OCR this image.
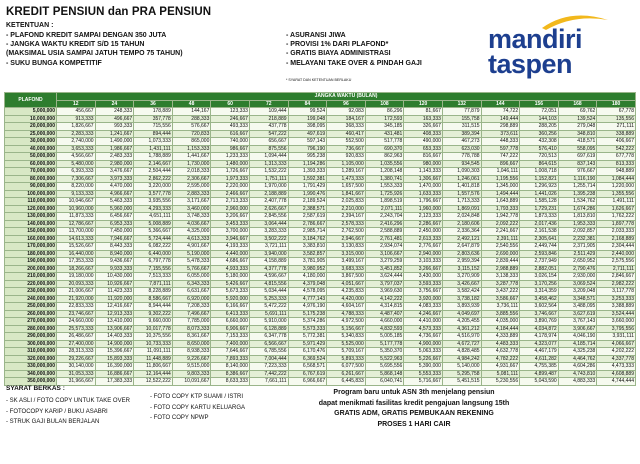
KREDIT PENSIUN dan PRA PENSIUN
KETENTUAN :
- PLAFOND KREDIT SAMPAI DENGAN 350 JUTA
- JANGKA WAKTU KREDIT S/D 15 TAHUN
(MAKSIMAL USIA SAMPAI JATUH TEMPO 75 TAHUN)
- SUKU BUNGA KOMPETITIF
- ASURANSI JIWA
- PROVISI 1% DARI PLAFOND*
- GRATIS BIAYA ADMINISTRASI
- MELAYANI TAKE OVER & PINDAH GAJI
* SYARAT DAN KETENTUAN BERLAKU
mandiri
taspen
PLAFOND	JANGKA WAKTU (BULAN)														
	12	24	36	48	60	72	84	96	108	120	132	144	156	168	180
5,000,000	456,667	248,333	178,889	144,167	123,333	109,444	99,524	92,083	86,296	81,667	77,879	74,722	72,051	69,762	67,778
10,000,000	913,333	496,667	357,778	288,333	246,667	218,889	199,048	184,167	172,593	163,333	155,758	149,444	144,103	139,524	135,556
20,000,000	1,826,667	993,333	715,556	576,667	493,333	437,778	398,095	368,333	345,185	326,667	311,515	298,889	288,205	279,048	271,111
25,000,000	2,283,333	1,241,667	894,444	720,833	616,667	547,222	497,619	460,417	431,481	408,333	389,394	373,611	360,256	348,810	338,889
30,000,000	2,740,000	1,490,000	1,073,333	865,000	740,000	656,667	597,143	552,500	517,778	490,000	467,273	448,333	432,308	418,571	406,667
40,000,000	3,653,333	1,986,667	1,431,111	1,153,333	986,667	875,556	796,190	736,667	690,370	653,333	623,030	597,778	576,410	558,095	542,222
50,000,000	4,566,667	2,483,333	1,788,889	1,441,667	1,233,333	1,094,444	995,238	920,833	862,963	816,667	778,788	747,222	720,513	697,619	677,778
60,000,000	5,480,000	2,980,000	2,146,667	1,730,000	1,480,000	1,313,333	1,194,286	1,105,000	1,035,556	980,000	934,545	896,667	864,615	837,143	813,333
70,000,000	6,393,333	3,476,667	2,504,444	2,018,333	1,726,667	1,532,222	1,393,333	1,289,167	1,208,148	1,143,333	1,090,303	1,046,111	1,008,718	976,667	948,889
80,000,000	7,306,667	3,973,333	2,862,222	2,306,667	1,973,333	1,751,111	1,592,381	1,473,333	1,380,741	1,306,667	1,246,061	1,195,556	1,152,821	1,116,190	1,084,444
90,000,000	8,220,000	4,470,000	3,220,000	2,595,000	2,220,000	1,970,000	1,791,429	1,657,500	1,553,333	1,470,000	1,401,818	1,345,000	1,296,923	1,255,714	1,220,000
100,000,000	9,133,333	4,966,667	3,577,778	2,883,333	2,466,667	2,188,889	1,990,476	1,841,667	1,725,926	1,633,333	1,557,576	1,494,444	1,441,026	1,395,238	1,355,556
110,000,000	10,046,667	5,463,333	3,935,556	3,171,667	2,713,333	2,407,778	2,189,524	2,025,833	1,898,519	1,796,667	1,713,333	1,643,889	1,585,128	1,534,762	1,491,111
120,000,000	10,960,000	5,960,000	4,293,333	3,460,000	2,960,000	2,626,667	2,388,571	2,210,000	2,071,111	1,960,000	1,869,091	1,793,333	1,729,231	1,674,286	1,626,667
130,000,000	11,873,333	6,456,667	4,651,111	3,748,333	3,206,667	2,845,556	2,587,619	2,394,167	2,243,704	2,123,333	2,024,848	1,942,778	1,873,333	1,813,810	1,762,222
140,000,000	12,786,667	6,953,333	5,008,889	4,036,667	3,453,333	3,064,444	2,786,667	2,578,333	2,416,296	2,286,667	2,180,606	2,092,222	2,017,436	1,953,333	1,897,778
150,000,000	13,700,000	7,450,000	5,366,667	4,325,000	3,700,000	3,283,333	2,985,714	2,762,500	2,588,889	2,450,000	2,336,364	2,241,667	2,161,538	2,092,857	2,033,333
160,000,000	14,613,333	7,946,667	5,724,444	4,613,333	3,946,667	3,502,222	3,184,762	2,946,667	2,761,481	2,613,333	2,492,121	2,391,111	2,305,641	2,232,381	2,168,889
170,000,000	15,526,667	8,443,333	6,082,222	4,901,667	4,193,333	3,721,111	3,383,810	3,130,833	2,934,074	2,776,667	2,647,879	2,540,556	2,449,744	2,371,905	2,304,444
180,000,000	16,440,000	8,940,000	6,440,000	5,190,000	4,440,000	3,940,000	3,582,857	3,315,000	3,106,667	2,940,000	2,803,636	2,690,000	2,593,846	2,511,429	2,440,000
190,000,000	17,353,333	9,436,667	6,797,778	5,478,333	4,686,667	4,158,889	3,781,905	3,499,167	3,279,259	3,103,333	2,959,394	2,839,444	2,737,949	2,650,952	2,575,556
200,000,000	18,266,667	9,933,333	7,155,556	5,766,667	4,933,333	4,377,778	3,980,952	3,683,333	3,451,852	3,266,667	3,115,152	2,988,889	2,882,051	2,790,476	2,711,111
210,000,000	19,180,000	10,430,000	7,513,333	6,055,000	5,180,000	4,596,667	4,180,000	3,867,500	3,624,444	3,430,000	3,270,909	3,138,333	3,026,154	2,930,000	2,846,667
220,000,000	20,093,333	10,926,667	7,871,111	6,343,333	5,426,667	4,815,556	4,379,048	4,051,667	3,797,037	3,593,333	3,426,667	3,287,778	3,170,256	3,069,524	2,982,222
230,000,000	21,006,667	11,423,333	8,228,889	6,631,667	5,673,333	5,034,444	4,578,095	4,235,833	3,969,630	3,756,667	3,582,424	3,437,222	3,314,359	3,209,048	3,117,778
240,000,000	21,920,000	11,920,000	8,586,667	6,920,000	5,920,000	5,253,333	4,777,143	4,420,000	4,142,222	3,920,000	3,738,182	3,586,667	3,458,462	3,348,571	3,253,333
250,000,000	22,833,333	12,416,667	8,944,444	7,208,333	6,166,667	5,472,222	4,976,190	4,604,167	4,314,815	4,083,333	3,893,939	3,736,111	3,602,564	3,488,095	3,388,889
260,000,000	23,746,667	12,913,333	9,302,222	7,496,667	6,413,333	5,691,111	5,175,238	4,788,333	4,487,407	4,246,667	4,049,697	3,885,556	3,746,667	3,627,619	3,524,444
270,000,000	24,660,000	13,410,000	9,660,000	7,785,000	6,660,000	5,910,000	5,374,286	4,972,500	4,660,000	4,410,000	4,205,455	4,035,000	3,890,769	3,767,143	3,660,000
280,000,000	25,573,333	13,906,667	10,017,778	8,073,333	6,906,667	6,128,889	5,573,333	5,156,667	4,832,593	4,573,333	4,361,212	4,184,444	4,034,872	3,906,667	3,795,556
290,000,000	26,486,667	14,403,333	10,375,556	8,361,667	7,153,333	6,347,778	5,772,381	5,340,833	5,005,185	4,736,667	4,516,970	4,333,889	4,178,974	4,046,190	3,931,111
300,000,000	27,400,000	14,900,000	10,733,333	8,650,000	7,400,000	6,566,667	5,971,429	5,525,000	5,177,778	4,900,000	4,672,727	4,483,333	4,323,077	4,185,714	4,066,667
310,000,000	28,313,333	15,396,667	11,091,111	8,938,333	7,646,667	6,785,556	6,170,476	5,709,167	5,350,370	5,063,333	4,828,485	4,632,778	4,467,179	4,325,238	4,202,222
320,000,000	29,226,667	15,893,333	11,448,889	9,226,667	7,893,333	7,004,444	6,369,524	5,893,333	5,522,963	5,226,667	4,984,242	4,782,222	4,611,282	4,464,762	4,337,778
330,000,000	30,140,000	16,390,000	11,806,667	9,515,000	8,140,000	7,223,333	6,568,571	6,077,500	5,695,556	5,390,000	5,140,000	4,931,667	4,755,385	4,604,286	4,473,333
340,000,000	31,053,333	16,886,667	12,164,444	9,803,333	8,386,667	7,442,222	6,767,619	6,261,667	5,868,148	5,553,333	5,295,758	5,081,111	4,899,487	4,743,810	4,608,889
350,000,000	31,966,667	17,383,333	12,522,222	10,091,667	8,633,333	7,661,111	6,966,667	6,445,833	6,040,741	5,716,667	5,451,515	5,230,556	5,043,590	4,883,333	4,744,444
SYARAT BERKAS :
- SK ASLI / FOTO COPY UNTUK TAKE OVER
- FOTOCOPY KARIP / BUKU ASABRI
- STRUK GAJI BULAN BERJALAN
- FOTO COPY KTP SUAMI / ISTRI
- FOTO COPY KARTU KELUARGA
- FOTO COPY NPWP
Program baru untuk ASN 3th menjelang pensiun
dapat menikmati fasilitas kredit pengajuan langsung 15th
GRATIS ADM, GRATIS PEMBUKAAN REKENING
PROSES 1 HARI CAIR
